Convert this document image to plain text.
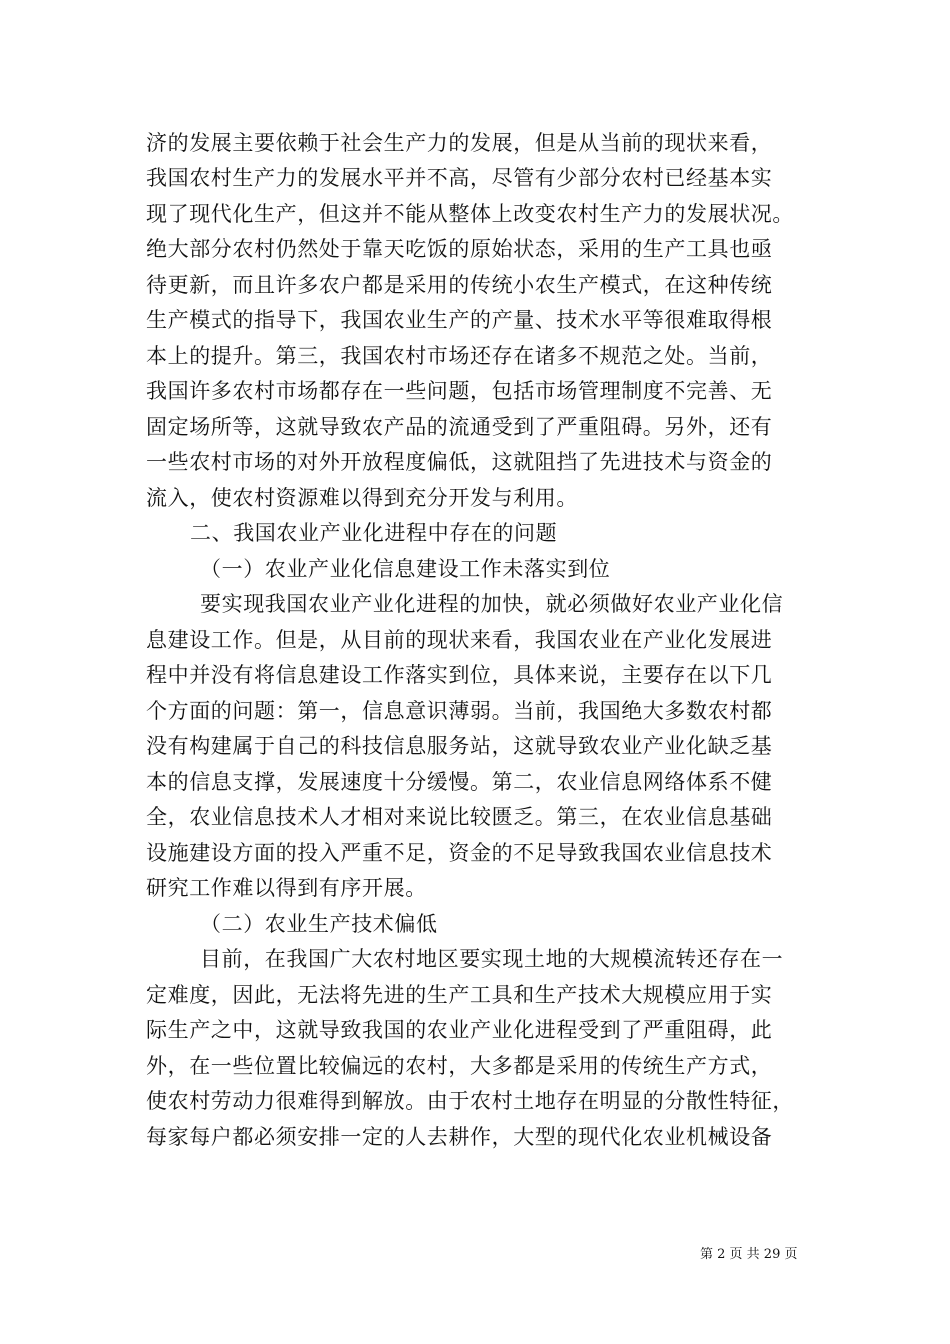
济的发展主要依赖于社会生产力的发展，但是从当前的现状来看，
我国农村生产力的发展水平并不高，尽管有少部分农村已经基本实
现了现代化生产，但这并不能从整体上改变农村生产力的发展状况。
绝大部分农村仍然处于靠天吃饭的原始状态，采用的生产工具也亟
待更新，而且许多农户都是采用的传统小农生产模式，在这种传统
生产模式的指导下，我国农业生产的产量、技术水平等很难取得根
本上的提升。第三，我国农村市场还存在诸多不规范之处。当前，
我国许多农村市场都存在一些问题，包括市场管理制度不完善、无
固定场所等，这就导致农产品的流通受到了严重阻碍。另外，还有
一些农村市场的对外开放程度偏低，这就阻挡了先进技术与资金的
流入，使农村资源难以得到充分开发与利用。
二、我国农业产业化进程中存在的问题
（一）农业产业化信息建设工作未落实到位
要实现我国农业产业化进程的加快，就必须做好农业产业化信
息建设工作。但是，从目前的现状来看，我国农业在产业化发展进
程中并没有将信息建设工作落实到位，具体来说，主要存在以下几
个方面的问题：第一，信息意识薄弱。当前，我国绝大多数农村都
没有构建属于自己的科技信息服务站，这就导致农业产业化缺乏基
本的信息支撑，发展速度十分缓慢。第二，农业信息网络体系不健
全，农业信息技术人才相对来说比较匮乏。第三，在农业信息基础
设施建设方面的投入严重不足，资金的不足导致我国农业信息技术
研究工作难以得到有序开展。
（二）农业生产技术偏低
目前，在我国广大农村地区要实现土地的大规模流转还存在一
定难度，因此，无法将先进的生产工具和生产技术大规模应用于实
际生产之中，这就导致我国的农业产业化进程受到了严重阻碍，此
外，在一些位置比较偏远的农村，大多都是采用的传统生产方式，
使农村劳动力很难得到解放。由于农村土地存在明显的分散性特征，
每家每户都必须安排一定的人去耕作，大型的现代化农业机械设备
第 2 页 共 29 页
